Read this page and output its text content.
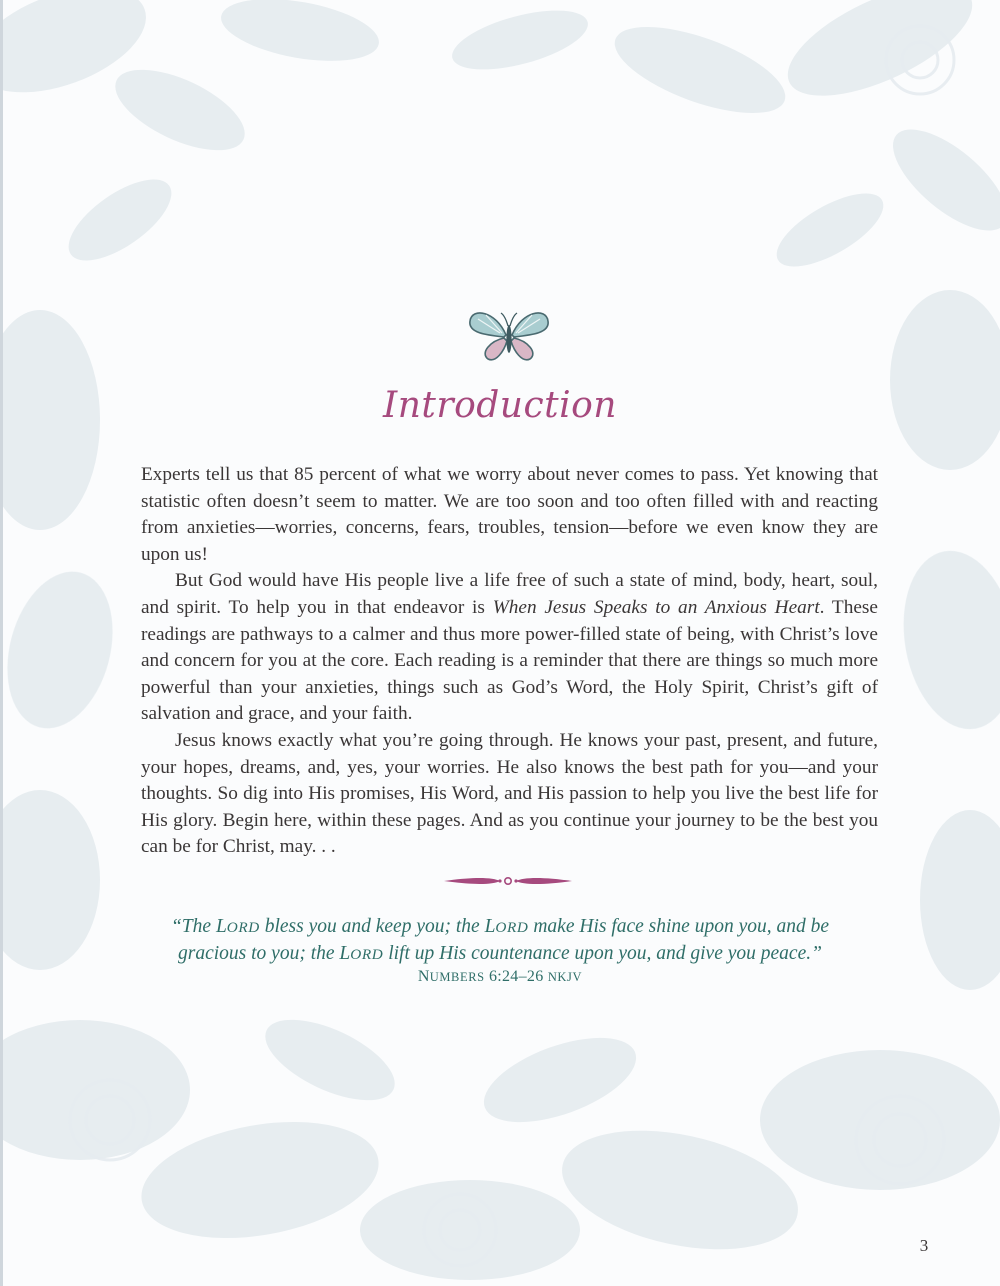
Introduction

Experts tell us that 85 percent of what we worry about never comes to pass. Yet knowing that statistic often doesn’t seem to matter. We are too soon and too often filled with and reacting from anxieties—worries, concerns, fears, troubles, tension—before we even know they are upon us!

But God would have His people live a life free of such a state of mind, body, heart, soul, and spirit. To help you in that endeavor is When Jesus Speaks to an Anxious Heart. These readings are pathways to a calmer and thus more power-filled state of being, with Christ’s love and concern for you at the core. Each reading is a reminder that there are things so much more powerful than your anxieties, things such as God’s Word, the Holy Spirit, Christ’s gift of salvation and grace, and your faith.

Jesus knows exactly what you’re going through. He knows your past, present, and future, your hopes, dreams, and, yes, your worries. He also knows the best path for you—and your thoughts. So dig into His promises, His Word, and His passion to help you live the best life for His glory. Begin here, within these pages. And as you continue your journey to be the best you can be for Christ, may. . .

“The LORD bless you and keep you; the LORD make His face shine upon you, and be gracious to you; the LORD lift up His countenance upon you, and give you peace.”
NUMBERS 6:24–26 NKJV
3
